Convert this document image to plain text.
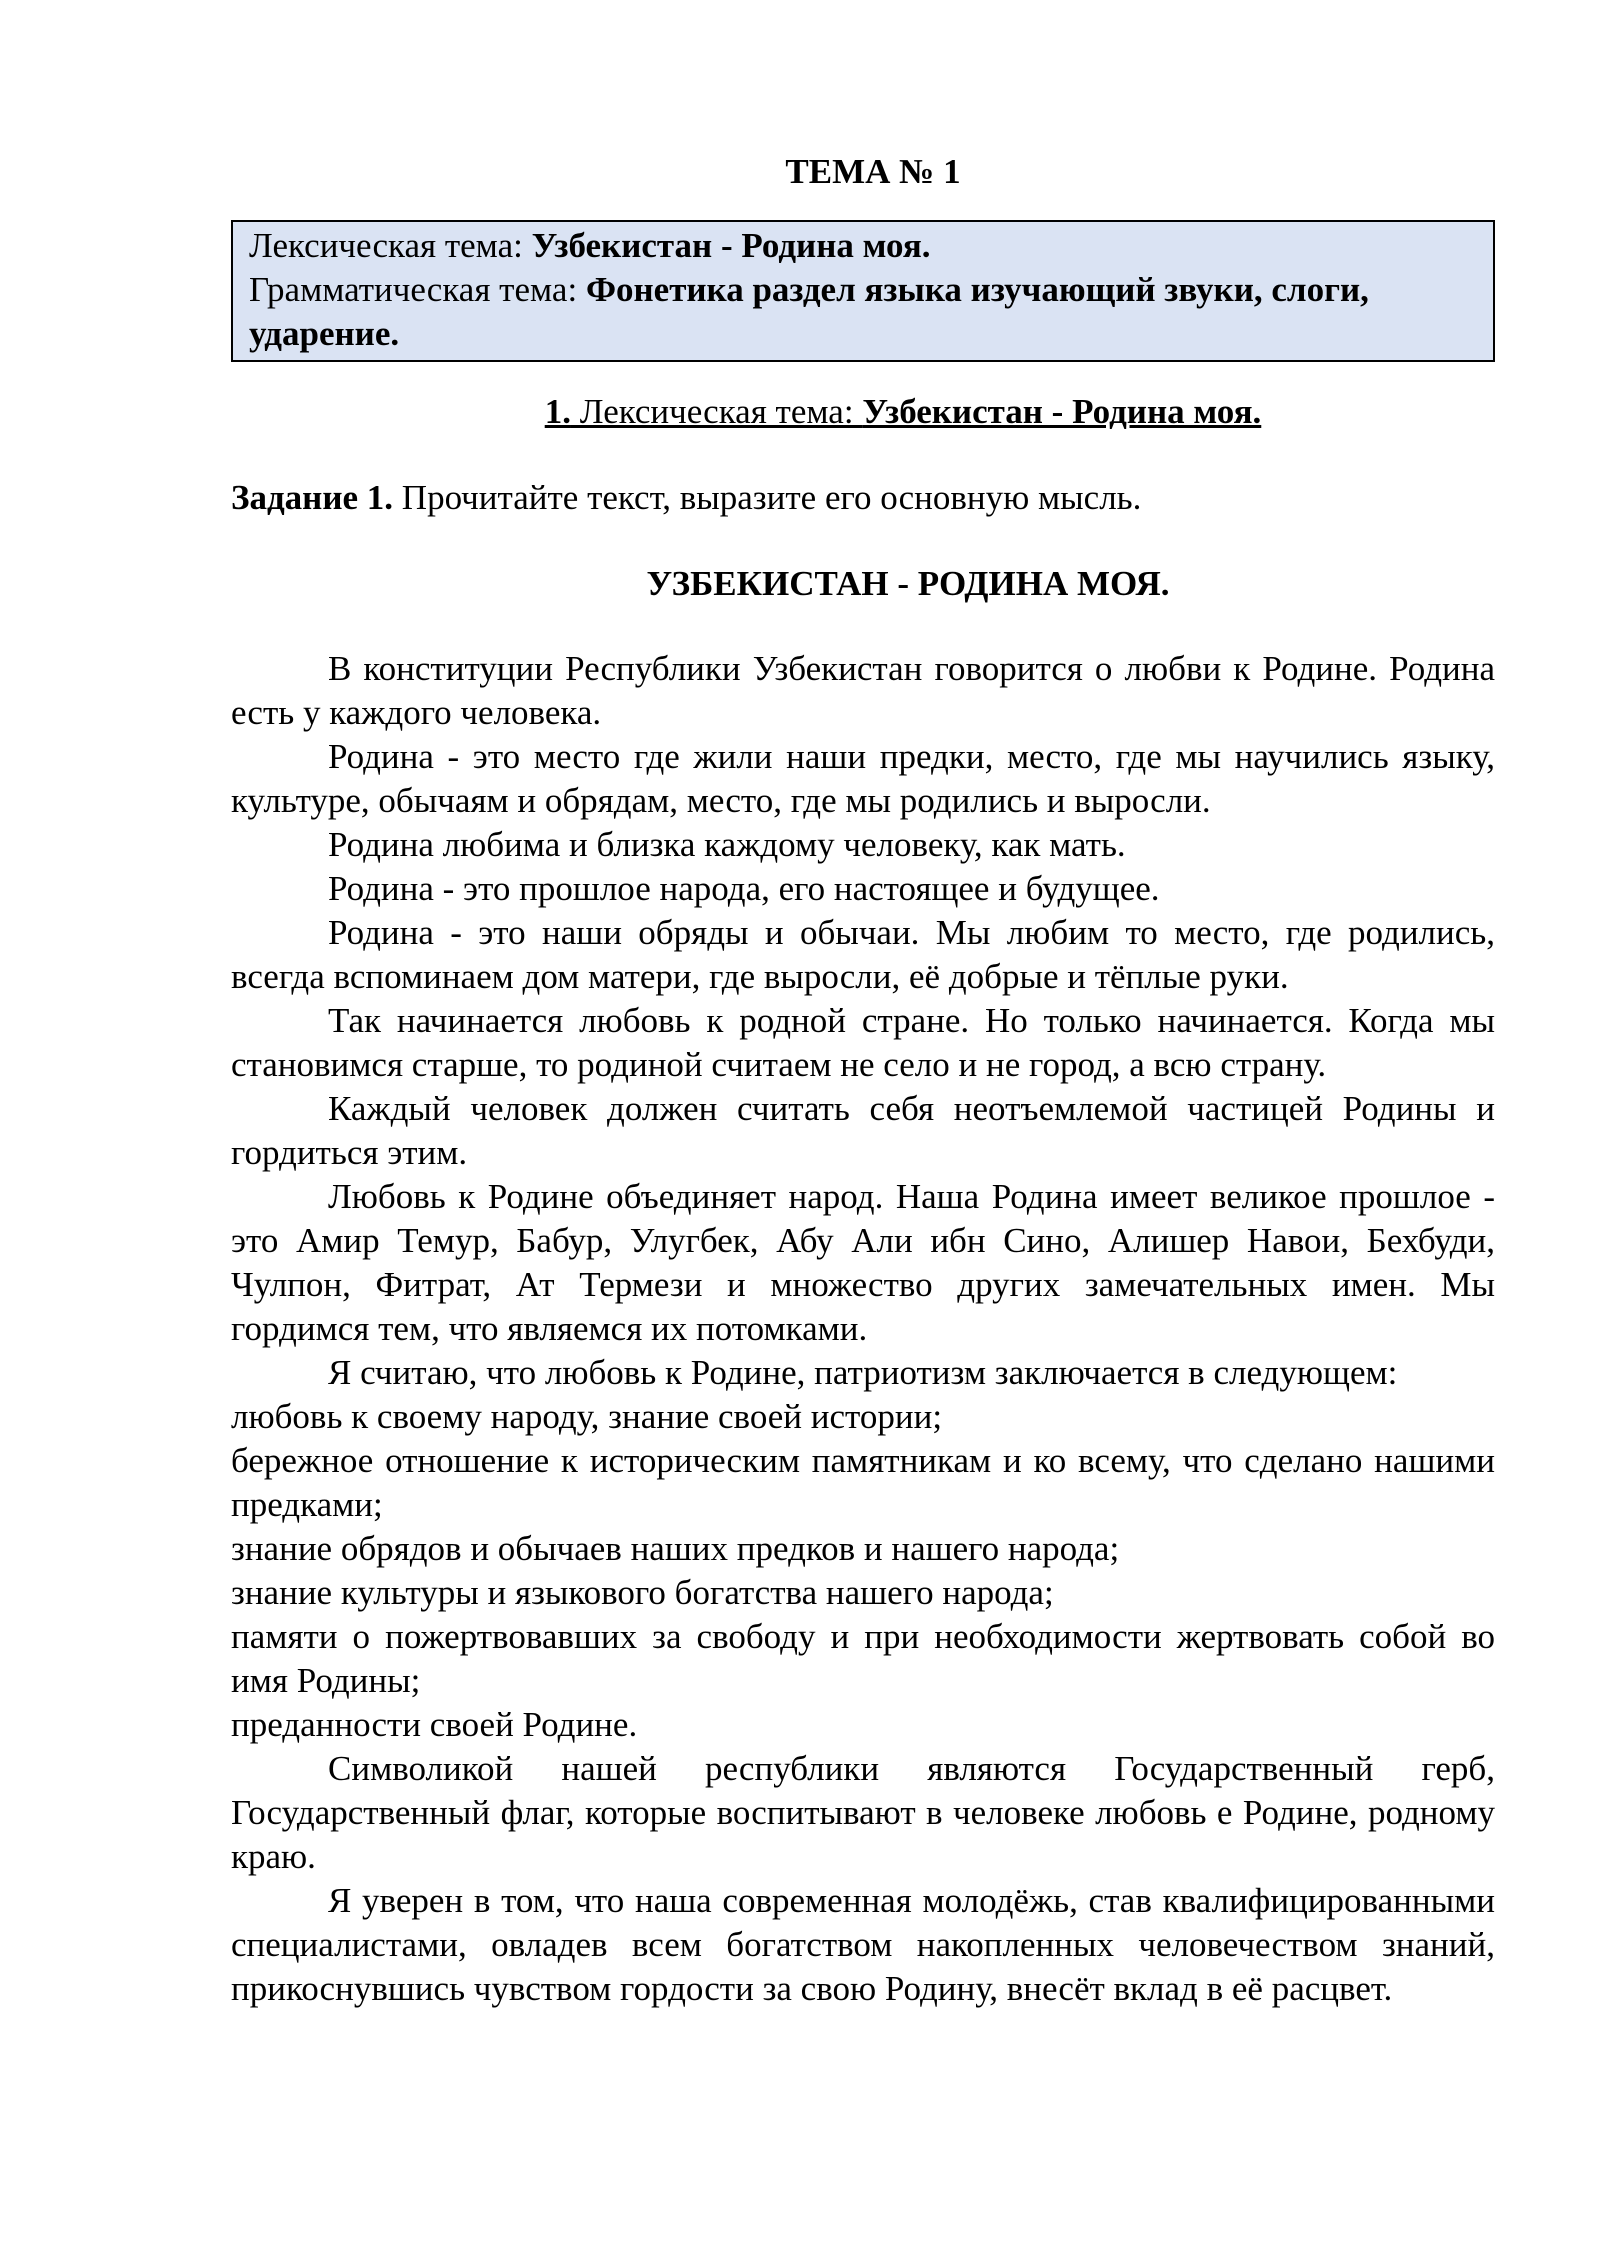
ТЕМА № 1

Лексическая тема: Узбекистан - Родина моя.

Грамматическая тема: Фонетика раздел языка изучающий звуки, слоги, ударение.

1. Лексическая тема: Узбекистан - Родина моя.
Задание 1. Прочитайте текст, выразите его основную мысль.
УЗБЕКИСТАН - РОДИНА МОЯ.

В конституции Республики Узбекистан говорится о любви к Родине. Родина есть у каждого человека.

Родина - это место где жили наши предки, место, где мы научились языку, культуре, обычаям и обрядам, место, где мы родились и выросли.

Родина любима и близка каждому человеку, как мать.

Родина - это прошлое народа, его настоящее и будущее.

Родина - это наши обряды и обычаи. Мы любим то место, где родились, всегда вспоминаем дом матери, где выросли, её добрые и тёплые руки.

Так начинается любовь к родной стране. Но только начинается. Когда мы становимся старше, то родиной считаем не село и не город, а всю страну.

Каждый человек должен считать себя неотъемлемой частицей Родины и гордиться этим.

Любовь к Родине объединяет народ. Наша Родина имеет великое прошлое - это Амир Темур, Бабур, Улугбек, Абу Али ибн Сино, Алишер Навои, Бехбуди, Чулпон, Фитрат, Ат Термези и множество других замечательных имен. Мы гордимся тем, что являемся их потомками.

Я считаю, что любовь к Родине, патриотизм заключается в следующем:

любовь к своему народу, знание своей истории;

бережное отношение к историческим памятникам и ко всему, что сделано нашими предками;

знание обрядов и обычаев наших предков и нашего народа;

знание культуры и языкового богатства нашего народа;

памяти о пожертвовавших за свободу и при необходимости жертвовать собой во имя Родины;

преданности своей Родине.

Символикой нашей республики являются Государственный герб, Государственный флаг, которые воспитывают в человеке любовь е Родине, родному краю.

Я уверен в том, что наша современная молодёжь, став квалифицированными специалистами, овладев всем богатством накопленных человечеством знаний, прикоснувшись чувством гордости за свою Родину, внесёт вклад в её расцвет.
